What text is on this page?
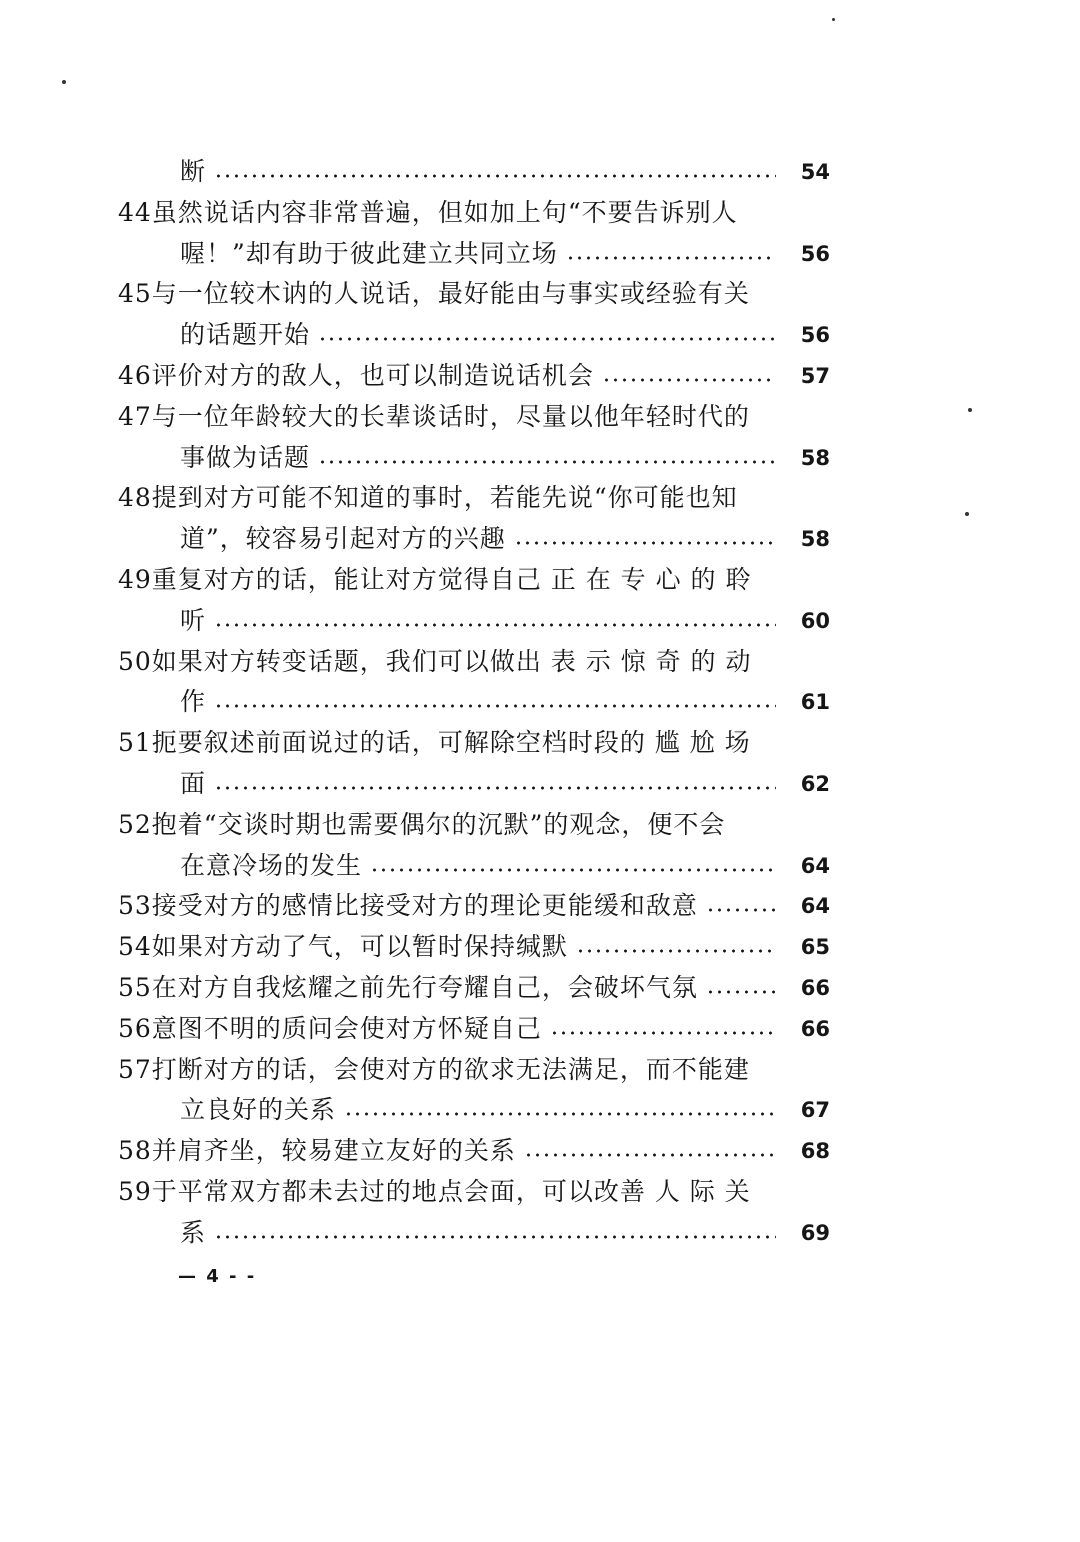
断	54
44虽然说话内容非常普遍，但如加上句“不要告诉别人
喔！”却有助于彼此建立共同立场	56
45与一位较木讷的人说话，最好能由与事实或经验有关
的话题开始	56
46评价对方的敌人，也可以制造说话机会	57
47与一位年龄较大的长辈谈话时，尽量以他年轻时代的
事做为话题	58
48提到对方可能不知道的事时，若能先说“你可能也知
道”，较容易引起对方的兴趣	58
49重复对方的话，能让对方觉得自己 正 在 专 心 的 聆
听	60
50如果对方转变话题，我们可以做出 表 示 惊 奇 的 动
作	61
51扼要叙述前面说过的话，可解除空档时段的 尴 尬 场
面	62
52抱着“交谈时期也需要偶尔的沉默”的观念，便不会
在意冷场的发生	64
53接受对方的感情比接受对方的理论更能缓和敌意	64
54如果对方动了气，可以暂时保持缄默	65
55在对方自我炫耀之前先行夸耀自己，会破坏气氛	66
56意图不明的质问会使对方怀疑自己	66
57打断对方的话，会使对方的欲求无法满足，而不能建
立良好的关系	67
58并肩齐坐，较易建立友好的关系	68
59于平常双方都未去过的地点会面，可以改善 人 际 关
系	69
— 4 - -
